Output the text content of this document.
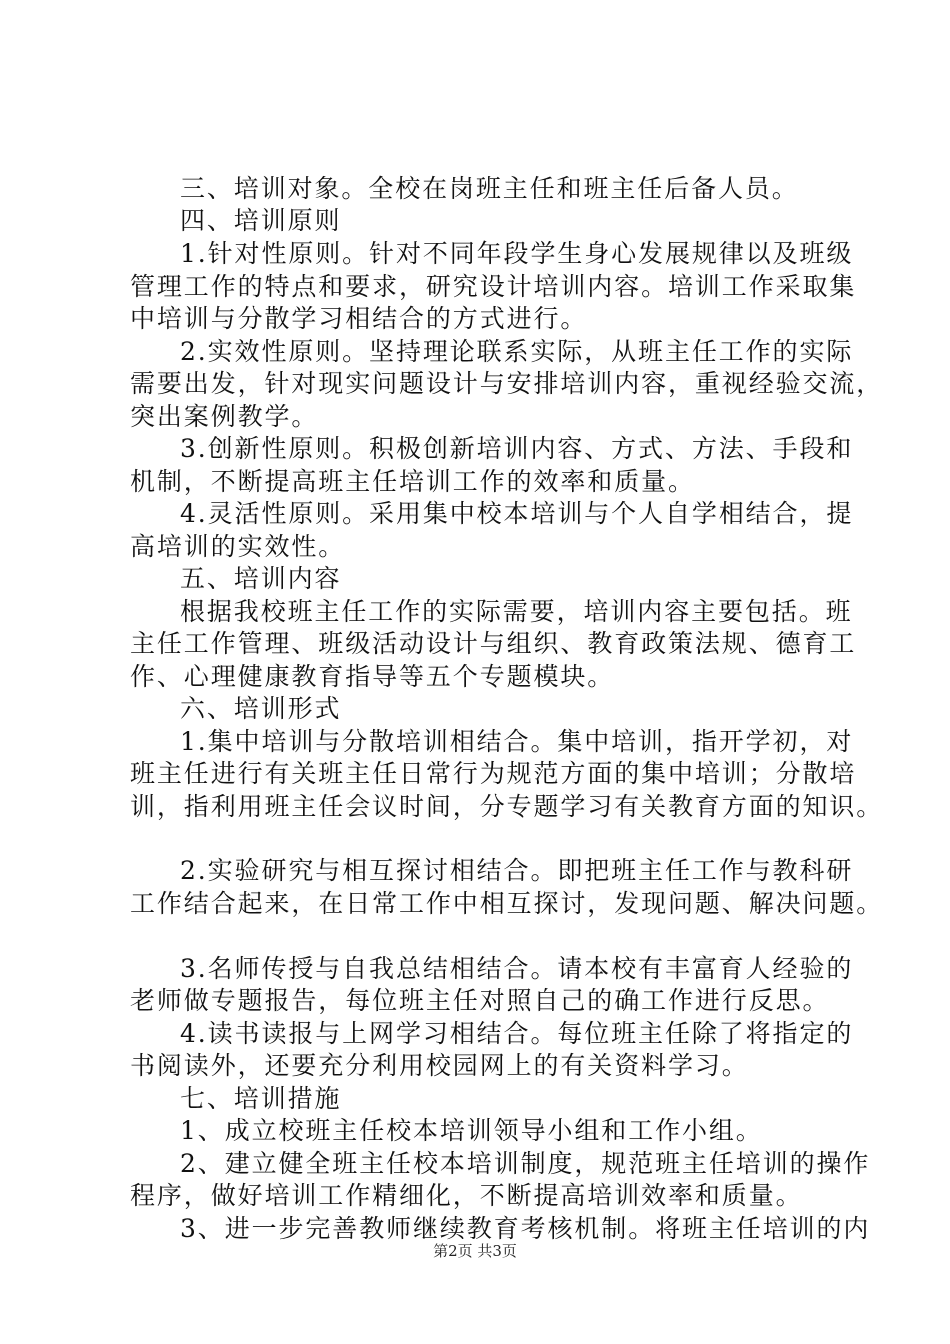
三、培训对象。全校在岗班主任和班主任后备人员。
四、培训原则
1.针对性原则。针对不同年段学生身心发展规律以及班级
管理工作的特点和要求，研究设计培训内容。培训工作采取集
中培训与分散学习相结合的方式进行。
2.实效性原则。坚持理论联系实际，从班主任工作的实际
需要出发，针对现实问题设计与安排培训内容，重视经验交流，
突出案例教学。
3.创新性原则。积极创新培训内容、方式、方法、手段和
机制，不断提高班主任培训工作的效率和质量。
4.灵活性原则。采用集中校本培训与个人自学相结合，提
高培训的实效性。
五、培训内容
根据我校班主任工作的实际需要，培训内容主要包括。班
主任工作管理、班级活动设计与组织、教育政策法规、德育工
作、心理健康教育指导等五个专题模块。
六、培训形式
1.集中培训与分散培训相结合。集中培训，指开学初，对
班主任进行有关班主任日常行为规范方面的集中培训；分散培
训，指利用班主任会议时间，分专题学习有关教育方面的知识。
2.实验研究与相互探讨相结合。即把班主任工作与教科研
工作结合起来，在日常工作中相互探讨，发现问题、解决问题。
3.名师传授与自我总结相结合。请本校有丰富育人经验的
老师做专题报告，每位班主任对照自己的确工作进行反思。
4.读书读报与上网学习相结合。每位班主任除了将指定的
书阅读外，还要充分利用校园网上的有关资料学习。
七、培训措施
1、成立校班主任校本培训领导小组和工作小组。
2、建立健全班主任校本培训制度，规范班主任培训的操作
程序，做好培训工作精细化，不断提高培训效率和质量。
3、进一步完善教师继续教育考核机制。将班主任培训的内
第2页 共3页
